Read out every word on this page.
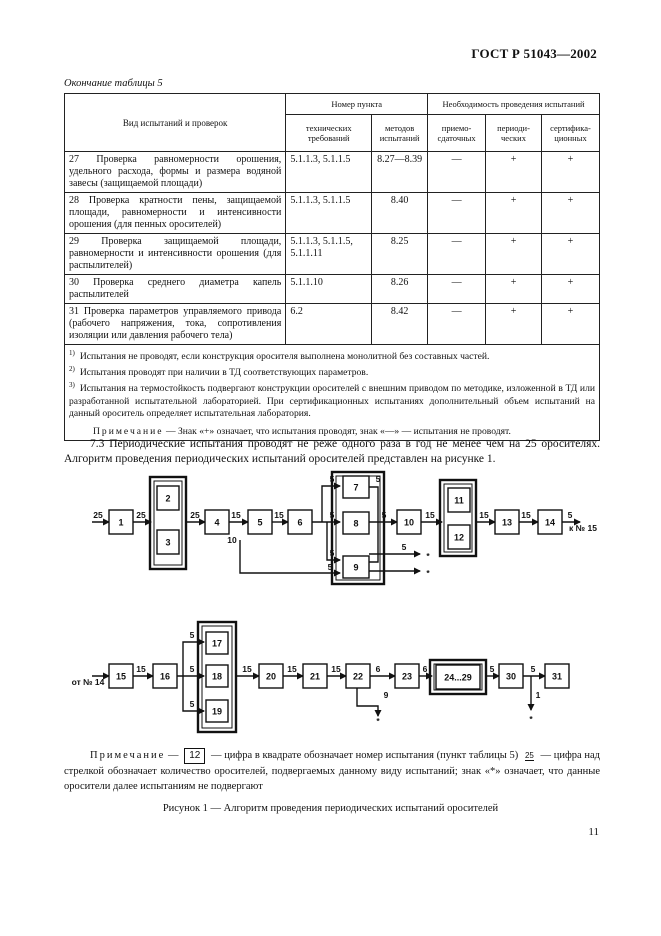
ГОСТ Р 51043—2002
Окончание таблицы 5
Вид испытаний и проверок	Номер пункта		Необходимость проведения испытаний		
	технических требований	методов испытаний	приемо-сдаточных	периоди-ческих	сертифика-ционных
27 Проверка равномерности орошения, удельного расхода, формы и размера водяной завесы (защищаемой площади)	5.1.1.3, 5.1.1.5	8.27—8.39	—	+	+
28 Проверка кратности пены, защищаемой площади, равномерности и интенсивности орошения (для пенных оросителей)	5.1.1.3, 5.1.1.5	8.40	—	+	+
29 Проверка защищаемой площади, равномерности и интенсивности орошения (для распылителей)	5.1.1.3, 5.1.1.5, 5.1.1.11	8.25	—	+	+
30 Проверка среднего диаметра капель распылителей	5.1.1.10	8.26	—	+	+
31 Проверка параметров управляемого привода (рабочего напряжения, тока, сопротивления изоляции или давления рабочего тела)	6.2	8.42	—	+	+

$^{1)}$ Испытания не проводят, если конструкция оросителя выполнена монолитной без составных частей.
$^{2)}$ Испытания проводят при наличии в ТД соответствующих параметров.
$^{3)}$ Испытания на термостойкость подвергают конструкции оросителей с внешним приводом по методике, изложенной в ТД или разработанной испытательной лабораторией. При сертификационных испытаниях дополнительный объем испытаний на данный ороситель определяет испытательная лаборатория.
Примечание — Знак «+» означает, что испытания проводят, знак «—» — испытания не проводят.					
7.3 Периодические испытания проводят не реже одного раза в год не менее чем на 25 оросителях. Алгоритм проведения периодических испытаний оросителей представлен на рисунке 1.
1
2
3
4	5	6
7
8
9
10
11
12
13	14
15	16
17
18
19
20	21	22	23	24...29	30	31
25	25	25	15	15	5
5
5
10
5
5
5
5
*
*
15	15	15	5
к № 15
от № 14
15	5
5
5
15	15	15	6
9
*
6	5	5
1
*
Примечание — 12 — цифра в квадрате обозначает номер испытания (пункт таблицы 5) 25 — цифра над стрелкой обозначает количество оросителей, подвергаемых данному виду испытаний; знак «*» означает, что данные оросители далее испытаниям не подвергают
Рисунок 1 — Алгоритм проведения периодических испытаний оросителей
11
